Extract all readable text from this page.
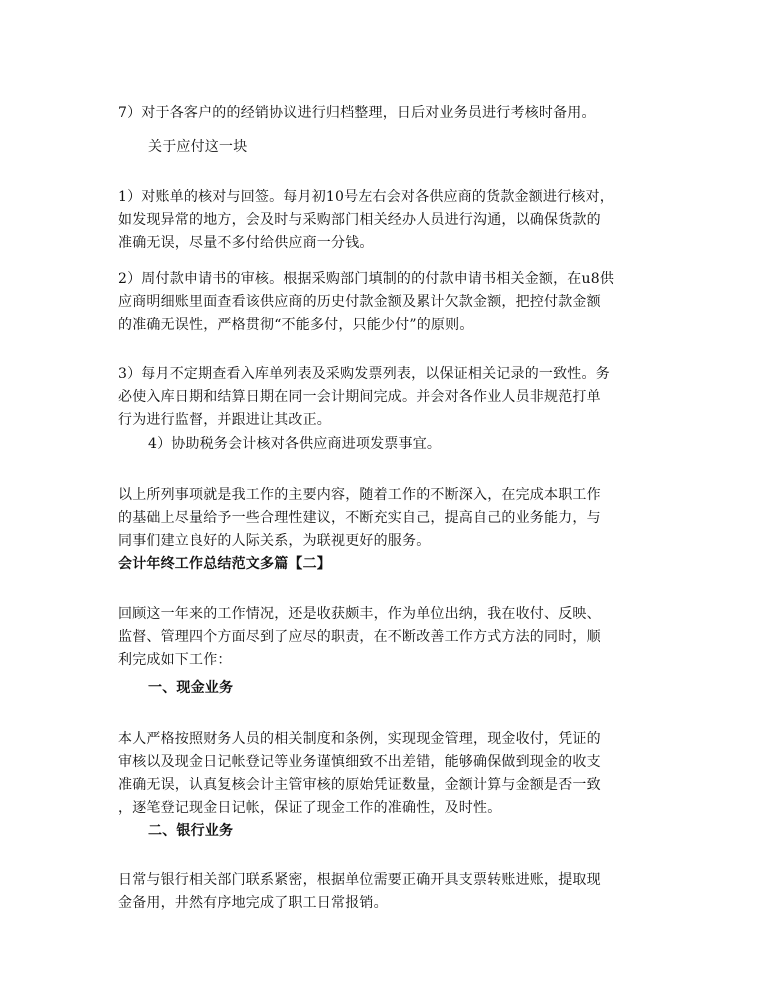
7）对于各客户的的经销协议进行归档整理，日后对业务员进行考核时备用。

关于应付这一块

1）对账单的核对与回签。每月初10号左右会对各供应商的货款金额进行核对，
如发现异常的地方，会及时与采购部门相关经办人员进行沟通，以确保货款的
准确无误，尽量不多付给供应商一分钱。

2）周付款申请书的审核。根据采购部门填制的的付款申请书相关金额，在u8供
应商明细账里面查看该供应商的历史付款金额及累计欠款金额，把控付款金额
的准确无误性，严格贯彻“不能多付，只能少付”的原则。

3）每月不定期查看入库单列表及采购发票列表，以保证相关记录的一致性。务
必使入库日期和结算日期在同一会计期间完成。并会对各作业人员非规范打单
行为进行监督，并跟进让其改正。

4）协助税务会计核对各供应商进项发票事宜。

以上所列事项就是我工作的主要内容，随着工作的不断深入，在完成本职工作
的基础上尽量给予一些合理性建议，不断充实自己，提高自己的业务能力，与
同事们建立良好的人际关系，为联视更好的服务。

会计年终工作总结范文多篇【二】

回顾这一年来的工作情况，还是收获颇丰，作为单位出纳，我在收付、反映、
监督、管理四个方面尽到了应尽的职责，在不断改善工作方式方法的同时，顺
利完成如下工作：

一、现金业务

本人严格按照财务人员的相关制度和条例，实现现金管理，现金收付，凭证的
审核以及现金日记帐登记等业务谨慎细致不出差错，能够确保做到现金的收支
准确无误，认真复核会计主管审核的原始凭证数量，金额计算与金额是否一致
，逐笔登记现金日记帐，保证了现金工作的准确性，及时性。

二、银行业务

日常与银行相关部门联系紧密，根据单位需要正确开具支票转账进账，提取现
金备用，井然有序地完成了职工日常报销。
